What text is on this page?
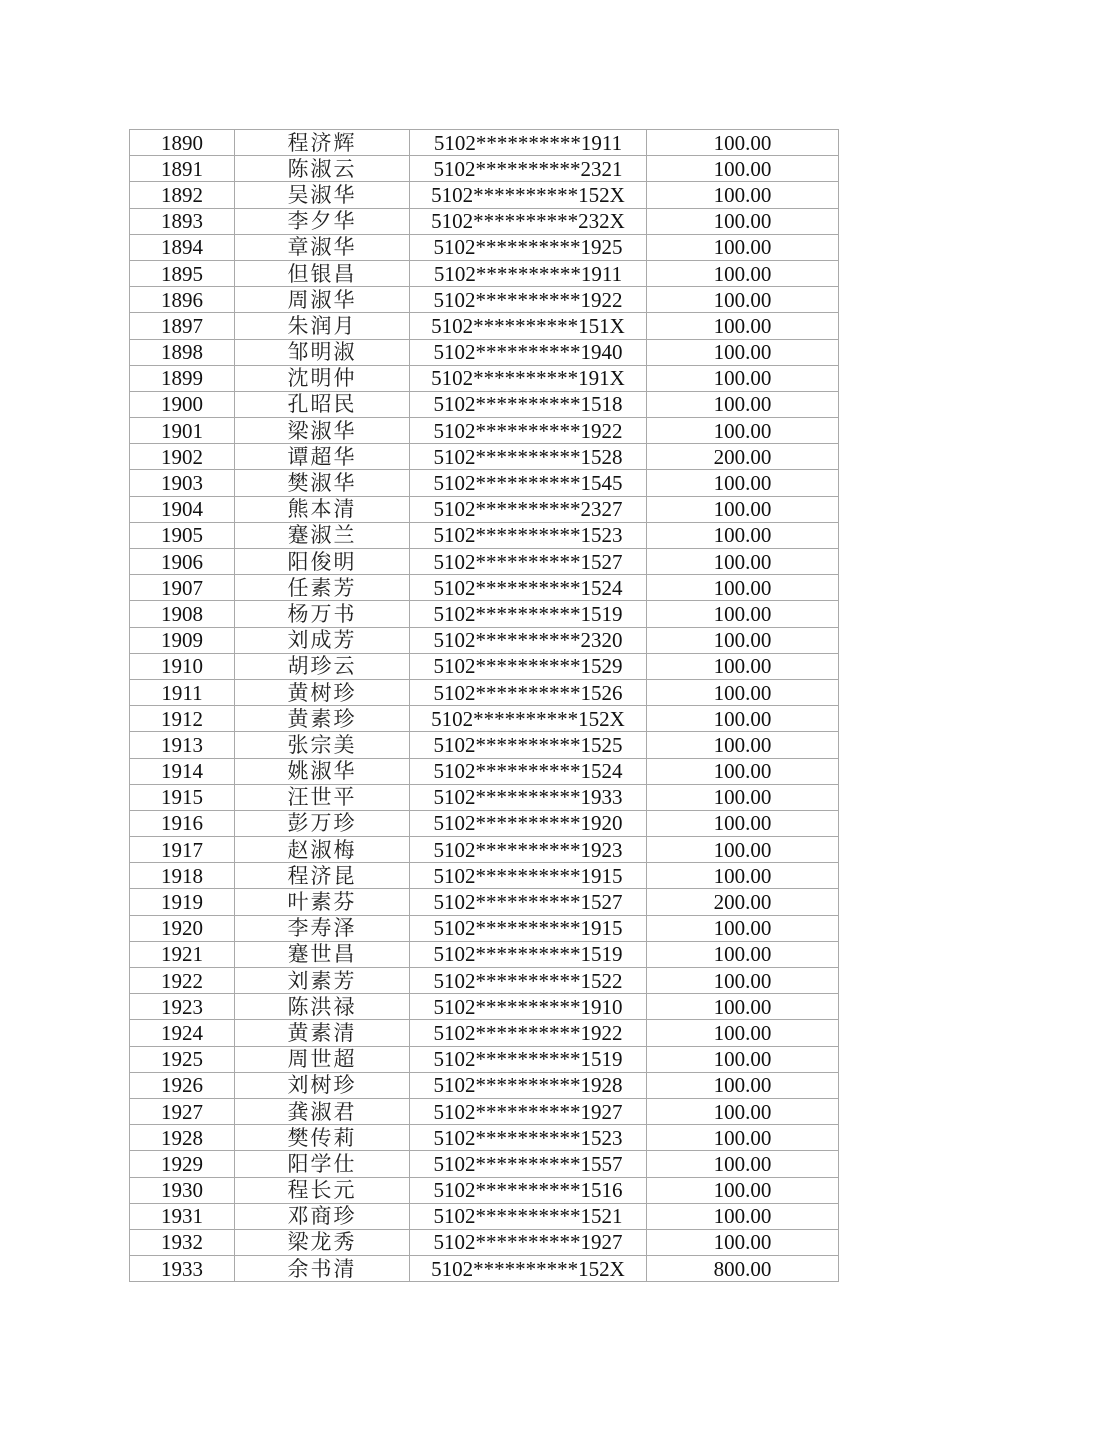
1890	程济辉	5102**********1911	100.00
1891	陈淑云	5102**********2321	100.00
1892	吴淑华	5102**********152X	100.00
1893	李夕华	5102**********232X	100.00
1894	章淑华	5102**********1925	100.00
1895	但银昌	5102**********1911	100.00
1896	周淑华	5102**********1922	100.00
1897	朱润月	5102**********151X	100.00
1898	邹明淑	5102**********1940	100.00
1899	沈明仲	5102**********191X	100.00
1900	孔昭民	5102**********1518	100.00
1901	梁淑华	5102**********1922	100.00
1902	谭超华	5102**********1528	200.00
1903	樊淑华	5102**********1545	100.00
1904	熊本清	5102**********2327	100.00
1905	蹇淑兰	5102**********1523	100.00
1906	阳俊明	5102**********1527	100.00
1907	任素芳	5102**********1524	100.00
1908	杨万书	5102**********1519	100.00
1909	刘成芳	5102**********2320	100.00
1910	胡珍云	5102**********1529	100.00
1911	黄树珍	5102**********1526	100.00
1912	黄素珍	5102**********152X	100.00
1913	张宗美	5102**********1525	100.00
1914	姚淑华	5102**********1524	100.00
1915	汪世平	5102**********1933	100.00
1916	彭万珍	5102**********1920	100.00
1917	赵淑梅	5102**********1923	100.00
1918	程济昆	5102**********1915	100.00
1919	叶素芬	5102**********1527	200.00
1920	李寿泽	5102**********1915	100.00
1921	蹇世昌	5102**********1519	100.00
1922	刘素芳	5102**********1522	100.00
1923	陈洪禄	5102**********1910	100.00
1924	黄素清	5102**********1922	100.00
1925	周世超	5102**********1519	100.00
1926	刘树珍	5102**********1928	100.00
1927	龚淑君	5102**********1927	100.00
1928	樊传莉	5102**********1523	100.00
1929	阳学仕	5102**********1557	100.00
1930	程长元	5102**********1516	100.00
1931	邓商珍	5102**********1521	100.00
1932	梁龙秀	5102**********1927	100.00
1933	余书清	5102**********152X	800.00
